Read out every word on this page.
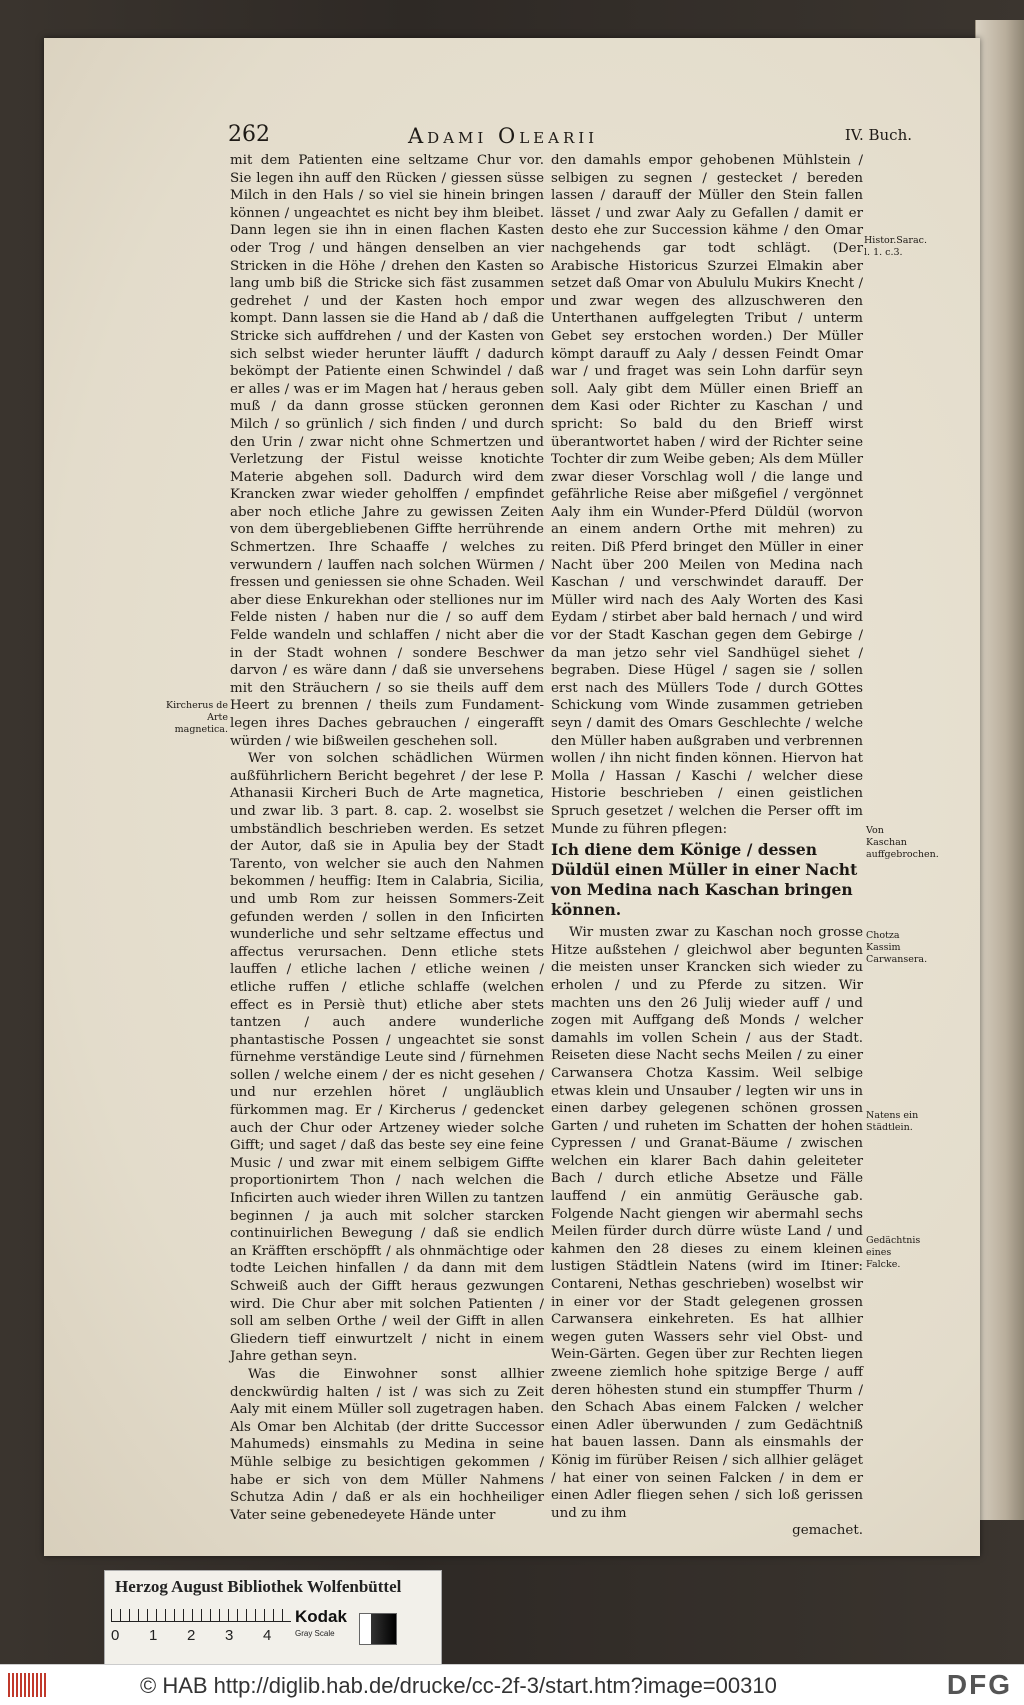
262	Adami Olearii	IV. Buch.

mit dem Patienten eine seltzame Chur vor. Sie legen ihn auff den Rücken / giessen süsse Milch in den Hals / so viel sie hinein bringen können / ungeachtet es nicht bey ihm bleibet. Dann legen sie ihn in einen flachen Kasten oder Trog / und hängen denselben an vier Stricken in die Höhe / drehen den Kasten so lang umb biß die Stricke sich fäst zusammen gedrehet / und der Kasten hoch empor kompt. Dann lassen sie die Hand ab / daß die Stricke sich auffdrehen / und der Kasten von sich selbst wieder herunter läufft / dadurch bekömpt der Patiente einen Schwindel / daß er alles / was er im Magen hat / heraus geben muß / da dann grosse stücken geronnen Milch / so grünlich / sich finden / und durch den Urin / zwar nicht ohne Schmertzen und Verletzung der Fistul weisse knotichte Materie abgehen soll. Dadurch wird dem Krancken zwar wieder geholffen / empfindet aber noch etliche Jahre zu gewissen Zeiten von dem übergebliebenen Giffte herrührende Schmertzen. Ihre Schaaffe / welches zu verwundern / lauffen nach solchen Würmen / fressen und geniessen sie ohne Schaden. Weil aber diese Enkurekhan oder stelliones nur im Felde nisten / haben nur die / so auff dem Felde wandeln und schlaffen / nicht aber die in der Stadt wohnen / sondere Beschwer darvon / es wäre dann / daß sie unversehens mit den Sträuchern / so sie theils auff dem Heert zu brennen / theils zum Fundament-legen ihres Daches gebrauchen / eingerafft würden / wie bißweilen geschehen soll.

Wer von solchen schädlichen Würmen außführlichern Bericht begehret / der lese P. Athanasii Kircheri Buch de Arte magnetica, und zwar lib. 3 part. 8. cap. 2. woselbst sie umbständlich beschrieben werden. Es setzet der Autor, daß sie in Apulia bey der Stadt Tarento, von welcher sie auch den Nahmen bekommen / heuffig: Item in Calabria, Sicilia, und umb Rom zur heissen Sommers-Zeit gefunden werden / sollen in den Inficirten wunderliche und sehr seltzame effectus und affectus verursachen. Denn etliche stets lauffen / etliche lachen / etliche weinen / etliche ruffen / etliche schlaffe (welchen effect es in Persiè thut) etliche aber stets tantzen / auch andere wunderliche phantastische Possen / ungeachtet sie sonst fürnehme verständige Leute sind / fürnehmen sollen / welche einem / der es nicht gesehen / und nur erzehlen höret / ungläublich fürkommen mag. Er / Kircherus / gedencket auch der Chur oder Artzeney wieder solche Gifft; und saget / daß das beste sey eine feine Music / und zwar mit einem selbigem Giffte proportionirtem Thon / nach welchen die Inficirten auch wieder ihren Willen zu tantzen beginnen / ja auch mit solcher starcken continuirlichen Bewegung / daß sie endlich an Kräfften erschöpfft / als ohnmächtige oder todte Leichen hinfallen / da dann mit dem Schweiß auch der Gifft heraus gezwungen wird. Die Chur aber mit solchen Patienten / soll am selben Orthe / weil der Gifft in allen Gliedern tieff einwurtzelt / nicht in einem Jahre gethan seyn.

Was die Einwohner sonst allhier denckwürdig halten / ist / was sich zu Zeit Aaly mit einem Müller soll zugetragen haben. Als Omar ben Alchitab (der dritte Successor Mahumeds) einsmahls zu Medina in seine Mühle selbige zu besichtigen gekommen / habe er sich von dem Müller Nahmens Schutza Adin / daß er als ein hochheiliger Vater seine gebenedeyete Hände unter

den damahls empor gehobenen Mühlstein / selbigen zu segnen / gestecket / bereden lassen / darauff der Müller den Stein fallen lässet / und zwar Aaly zu Gefallen / damit er desto ehe zur Succession kähme / den Omar nachgehends gar todt schlägt. (Der Arabische Historicus Szurzei Elmakin aber setzet daß Omar von Abululu Mukirs Knecht / und zwar wegen des allzuschweren den Unterthanen auffgelegten Tribut / unterm Gebet sey erstochen worden.) Der Müller kömpt darauff zu Aaly / dessen Feindt Omar war / und fraget was sein Lohn darfür seyn soll. Aaly gibt dem Müller einen Brieff an dem Kasi oder Richter zu Kaschan / und spricht: So bald du den Brieff wirst überantwortet haben / wird der Richter seine Tochter dir zum Weibe geben; Als dem Müller zwar dieser Vorschlag woll / die lange und gefährliche Reise aber mißgefiel / vergönnet Aaly ihm ein Wunder-Pferd Düldül (worvon an einem andern Orthe mit mehren) zu reiten. Diß Pferd bringet den Müller in einer Nacht über 200 Meilen von Medina nach Kaschan / und verschwindet darauff. Der Müller wird nach des Aaly Worten des Kasi Eydam / stirbet aber bald hernach / und wird vor der Stadt Kaschan gegen dem Gebirge / da man jetzo sehr viel Sandhügel siehet / begraben. Diese Hügel / sagen sie / sollen erst nach des Müllers Tode / durch GOttes Schickung vom Winde zusammen getrieben seyn / damit des Omars Geschlechte / welche den Müller haben außgraben und verbrennen wollen / ihn nicht finden können. Hiervon hat Molla / Hassan / Kaschi / welcher diese Historie beschrieben / einen geistlichen Spruch gesetzet / welchen die Perser offt im Munde zu führen pflegen:

Ich diene dem Könige / dessen Düldül einen Müller in einer Nacht von Medina nach Kaschan bringen können.

Wir musten zwar zu Kaschan noch grosse Hitze außstehen / gleichwol aber begunten die meisten unser Krancken sich wieder zu erholen / und zu Pferde zu sitzen. Wir machten uns den 26 Julij wieder auff / und zogen mit Auffgang deß Monds / welcher damahls im vollen Schein / aus der Stadt. Reiseten diese Nacht sechs Meilen / zu einer Carwansera Chotza Kassim. Weil selbige etwas klein und Unsauber / legten wir uns in einen darbey gelegenen schönen grossen Garten / und ruheten im Schatten der hohen Cypressen / und Granat-Bäume / zwischen welchen ein klarer Bach dahin geleiteter Bach / durch etliche Absetze und Fälle lauffend / ein anmütig Geräusche gab. Folgende Nacht giengen wir abermahl sechs Meilen fürder durch dürre wüste Land / und kahmen den 28 dieses zu einem kleinen lustigen Städtlein Natens (wird im Itiner: Contareni, Nethas geschrieben) woselbst wir in einer vor der Stadt gelegenen grossen Carwansera einkehreten. Es hat allhier wegen guten Wassers sehr viel Obst- und Wein-Gärten. Gegen über zur Rechten liegen zweene ziemlich hohe spitzige Berge / auff deren höhesten stund ein stumpffer Thurm / den Schach Abas einem Falcken / welcher einen Adler überwunden / zum Gedächtniß hat bauen lassen. Dann als einsmahls der König im fürüber Reisen / sich allhier geläget / hat einer von seinen Falcken / in dem er einen Adler fliegen sehen / sich loß gerissen und zu ihm

gemachet.

Kircherus de Arte magnetica.
Histor.Sarac. l. 1. c.3.
Von Kaschan auffgebrochen.
Chotza Kassim Carwansera.
Natens ein Städtlein.
Gedächtnis eines Falcke.
Herzog August Bibliothek Wolfenbüttel
0 1 2 3 4
Kodak
Gray Scale
© HAB http://diglib.hab.de/drucke/cc-2f-3/start.htm?image=00310	DFG
